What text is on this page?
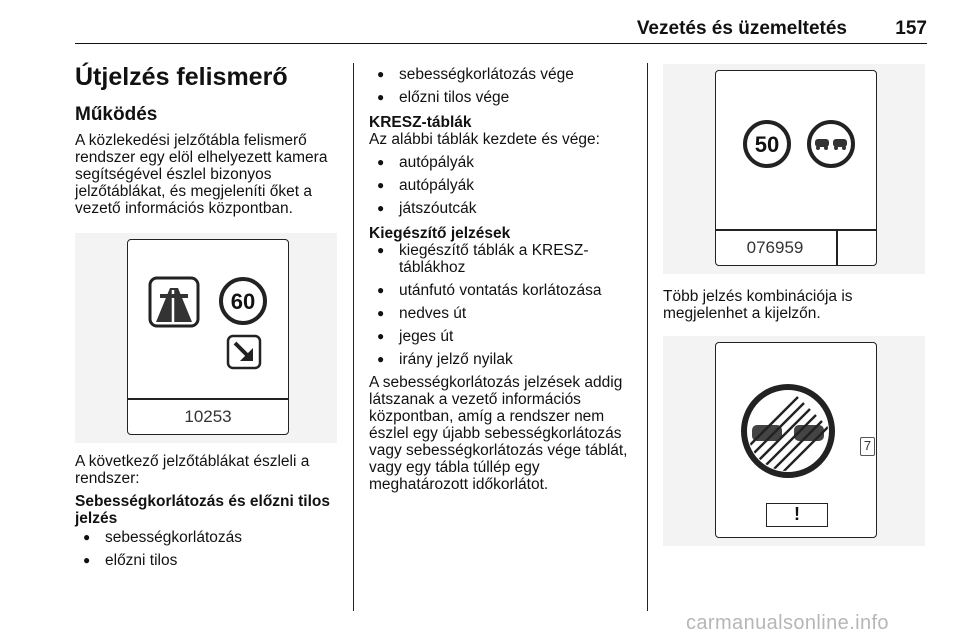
Vezetés és üzemeltetés	157
Útjelzés felismerő
Működés

A közlekedési jelzőtábla felismerő rendszer egy elöl elhelyezett kamera segítségével észlel bizonyos jelzőtáblákat, és megjeleníti őket a vezető információs központban.

60
10253

A következő jelzőtáblákat észleli a rendszer:

Sebességkorlátozás és előzni tilos jelzés
● sebességkorlátozás
● előzni tilos
● sebességkorlátozás vége
● előzni tilos vége
KRESZ-táblák

Az alábbi táblák kezdete és vége:

● autópályák
● autópályák
● játszóutcák
Kiegészítő jelzések
● kiegészítő táblák a KRESZ-táblákhoz
● utánfutó vontatás korlátozása
● nedves út
● jeges út
● irány jelző nyilak

A sebességkorlátozás jelzések addig látszanak a vezető információs központban, amíg a rendszer nem észlel egy újabb sebességkorlátozás vagy sebességkorlátozás vége táblát, vagy egy tábla túllép egy meghatározott időkorlátot.

50
076959

Több jelzés kombinációja is megjelenhet a kijelzőn.

7
!
carmanualsonline.info
